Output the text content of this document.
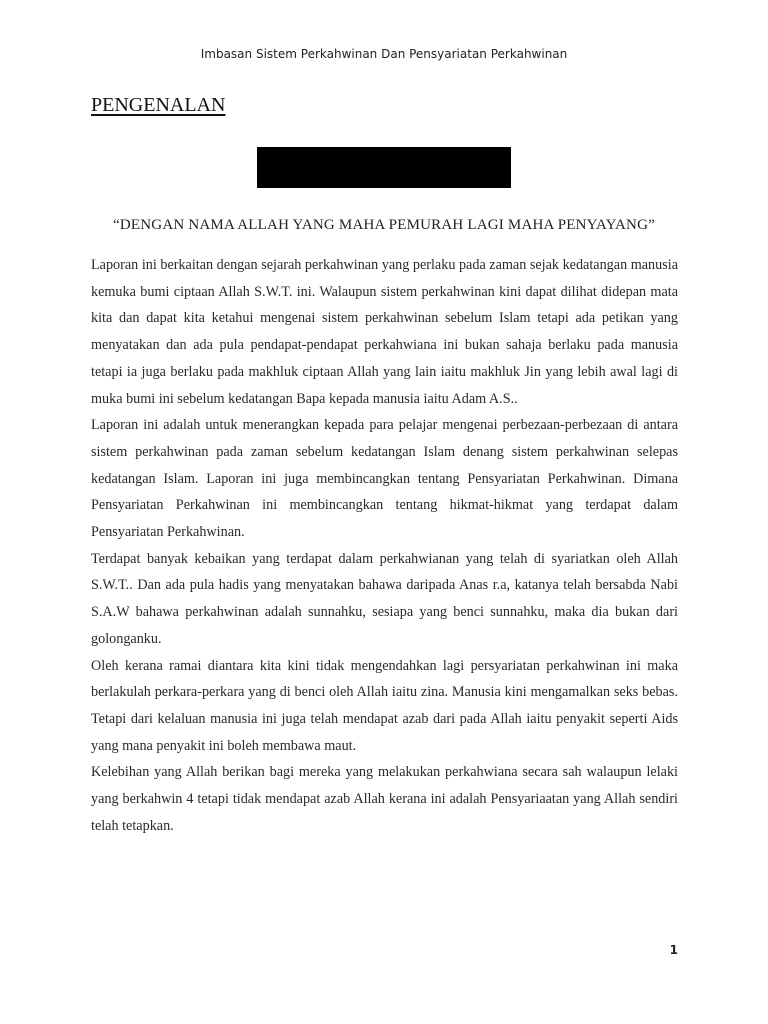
Imbasan Sistem Perkahwinan Dan Pensyariatan Perkahwinan
PENGENALAN
“DENGAN NAMA ALLAH YANG MAHA PEMURAH LAGI MAHA PENYAYANG”

Laporan ini berkaitan dengan sejarah perkahwinan yang perlaku pada zaman sejak kedatangan manusia kemuka bumi ciptaan Allah S.W.T. ini. Walaupun sistem perkahwinan kini dapat dilihat didepan mata kita dan dapat kita ketahui mengenai sistem perkahwinan sebelum Islam tetapi ada petikan yang menyatakan dan ada pula pendapat-pendapat perkahwiana ini bukan sahaja berlaku pada manusia tetapi ia juga berlaku pada makhluk ciptaan Allah yang lain iaitu makhluk Jin yang lebih awal lagi di muka bumi ini sebelum kedatangan Bapa kepada manusia iaitu Adam A.S..

Laporan ini adalah untuk menerangkan kepada para pelajar mengenai perbezaan-perbezaan di antara sistem perkahwinan pada zaman sebelum kedatangan Islam denang sistem perkahwinan selepas kedatangan Islam. Laporan ini juga membincangkan tentang Pensyariatan Perkahwinan. Dimana Pensyariatan Perkahwinan ini membincangkan tentang hikmat-hikmat yang terdapat dalam Pensyariatan Perkahwinan.

Terdapat banyak kebaikan yang terdapat dalam perkahwianan yang telah di syariatkan oleh Allah S.W.T.. Dan ada pula hadis yang menyatakan bahawa daripada Anas r.a, katanya telah bersabda Nabi S.A.W bahawa perkahwinan adalah sunnahku, sesiapa yang benci sunnahku, maka dia bukan dari golonganku.

Oleh kerana ramai diantara kita kini tidak mengendahkan lagi persyariatan perkahwinan ini maka berlakulah perkara-perkara yang di benci oleh Allah iaitu zina. Manusia kini mengamalkan seks bebas. Tetapi dari kelaluan manusia ini juga telah mendapat azab dari pada Allah iaitu penyakit seperti Aids yang mana penyakit ini boleh membawa maut.

Kelebihan yang Allah berikan bagi mereka yang melakukan perkahwiana secara sah walaupun lelaki yang berkahwin 4 tetapi tidak mendapat azab Allah kerana ini adalah Pensyariaatan yang Allah sendiri telah tetapkan.

1
